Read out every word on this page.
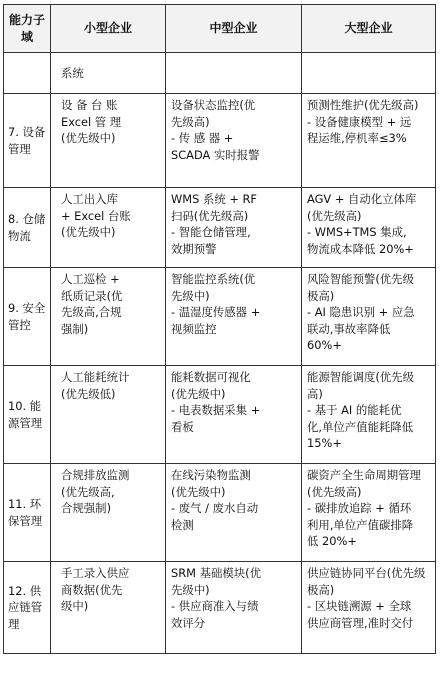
能力子域	小型企业	中型企业	大型企业
	系统		
7. 设备管理	设 备 台 账
Excel 管 理
(优先级中)	设备状态监控(优
先级高)
- 传 感 器 +
SCADA 实时报警	预测性维护(优先级高)
- 设备健康模型 + 远
程运维,停机率≤3%

8. 仓储物流	人工出入库
+ Excel 台账
(优先级中)	WMS 系统 + RF
扫码(优先级高)
- 智能仓储管理,
效期预警	AGV + 自动化立体库
(优先级高)
- WMS+TMS 集成,
物流成本降低 20%+

9. 安全管控	人工巡检 +
纸质记录(优
先级高,合规
强制)	智能监控系统(优
先级中)
- 温湿度传感器 +
视频监控	风险智能预警(优先级
极高)
- AI 隐患识别 + 应急
联动,事故率降低
60%+

10. 能源管理	人工能耗统计
(优先级低)	能耗数据可视化
(优先级中)
- 电表数据采集 +
看板	能源智能调度(优先级
高)
- 基于 AI 的能耗优
化,单位产值能耗降低
15%+

11. 环保管理	合规排放监测
(优先级高,
合规强制)	在线污染物监测
(优先级中)
- 废气 / 废水自动
检测	碳资产全生命周期管理
(优先级高)
- 碳排放追踪 + 循环
利用,单位产值碳排降
低 20%+

12. 供应链管理	手工录入供应
商数据(优先
级中)	SRM 基础模块(优
先级中)
- 供应商准入与绩
效评分	供应链协同平台(优先级
极高)
- 区块链溯源 + 全球
供应商管理,准时交付
